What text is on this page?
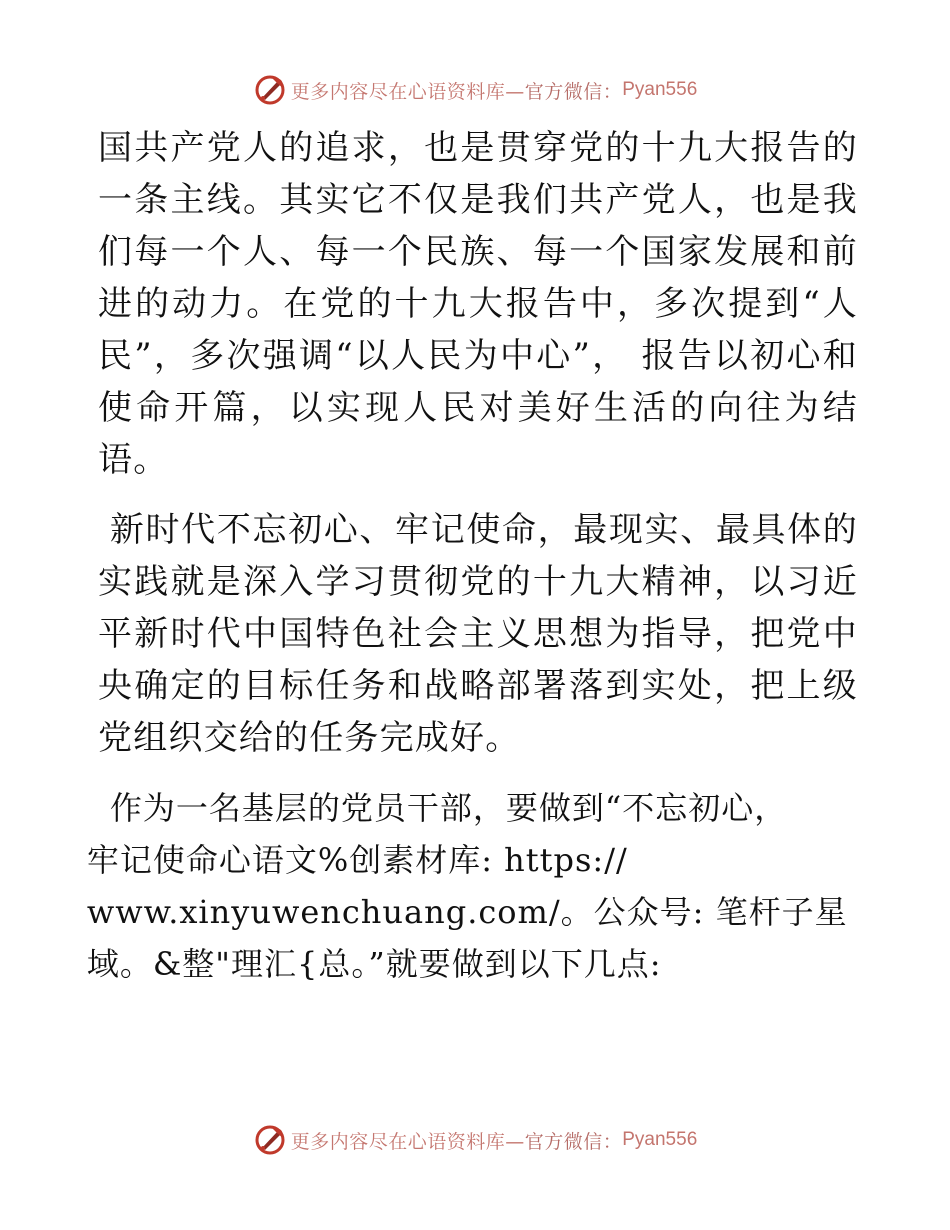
更多内容尽在心语资料库—官方微信： Pyan556

国共产党人的追求，也是贯穿党的十九大报告的一条主线。其实它不仅是我们共产党人，也是我们每一个人、每一个民族、每一个国家发展和前进的动力。在党的十九大报告中，多次提到“人民”，多次强调“以人民为中心”， 报告以初心和使命开篇，以实现人民对美好生活的向往为结语。

新时代不忘初心、牢记使命，最现实、最具体的实践就是深入学习贯彻党的十九大精神，以习近平新时代中国特色社会主义思想为指导，把党中央确定的目标任务和战略部署落到实处，把上级党组织交给的任务完成好。

作为一名基层的党员干部，要做到“不忘初心，
牢记使命心语文%创素材库: https://
www.xinyuwenchuang.com/。公众号: 笔杆子星
域。&整"理汇{总。”就要做到以下几点:

更多内容尽在心语资料库—官方微信： Pyan556
